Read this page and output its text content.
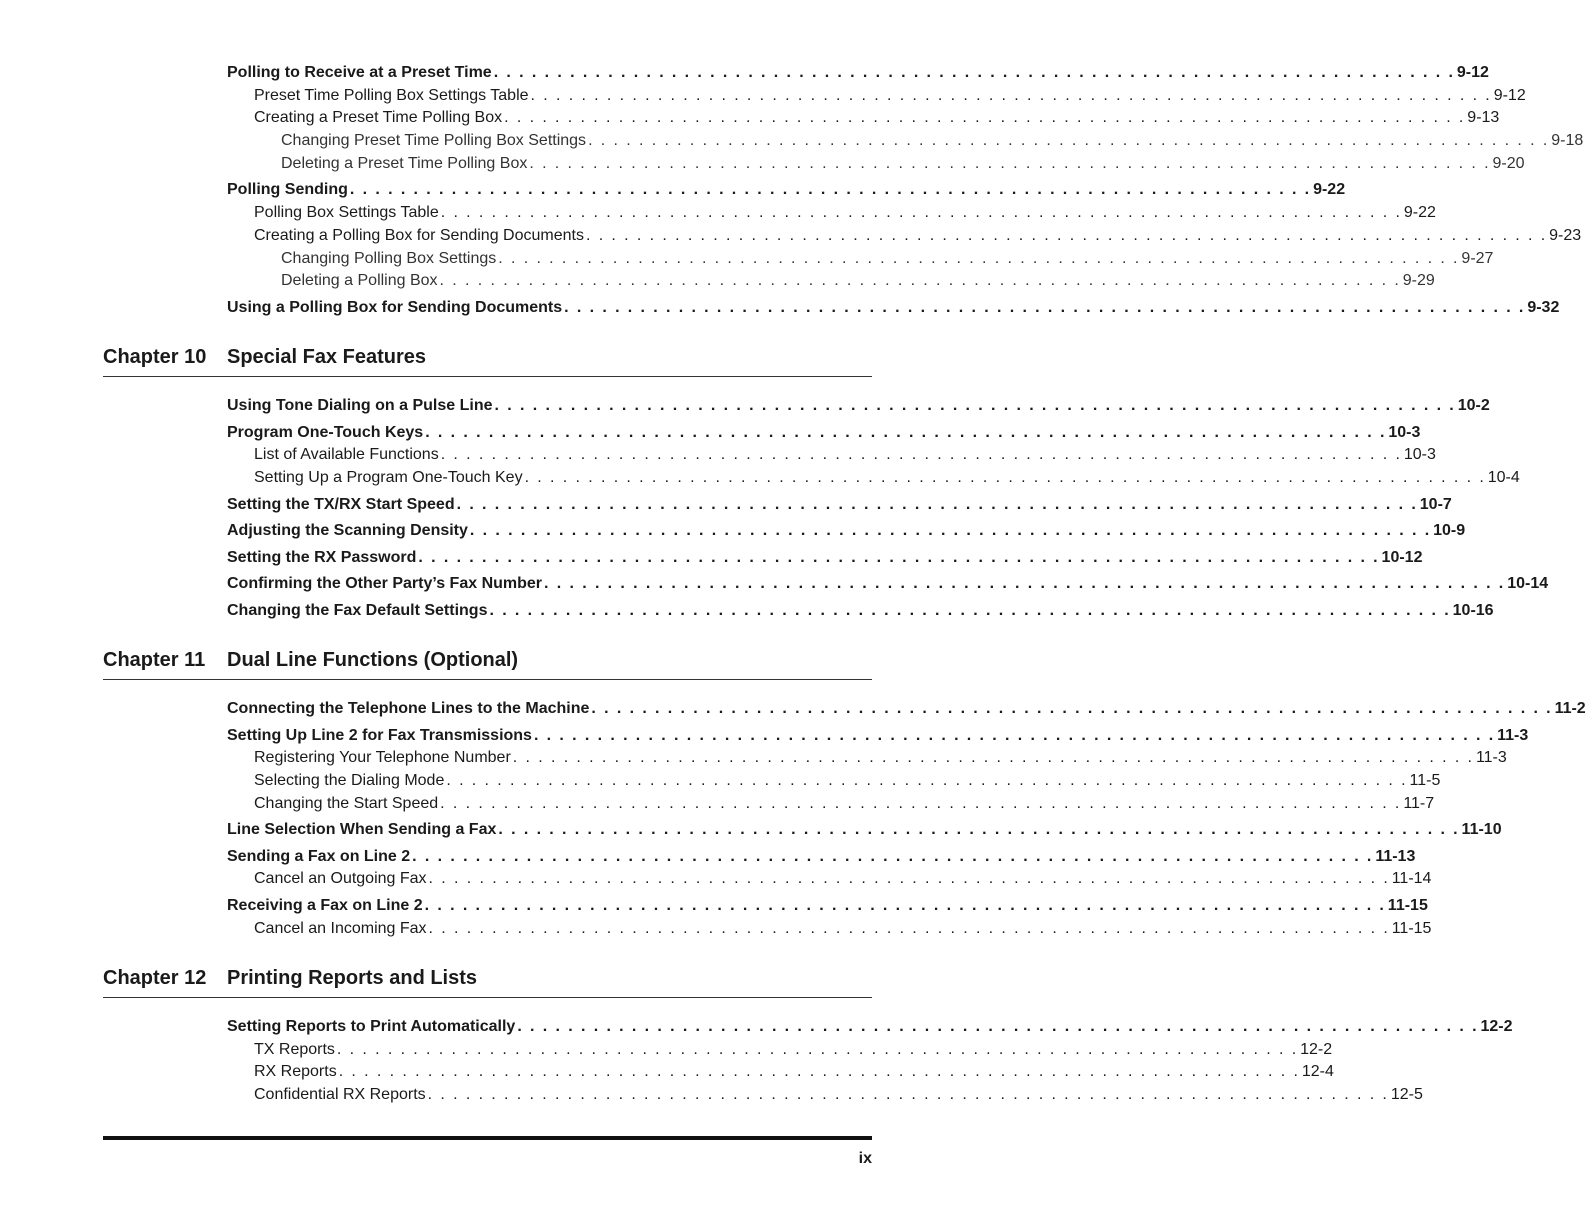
Polling to Receive at a Preset Time . . . . . . . . . . . . . . . . . . . . . . . . . . . . . . . . . . . . . . . . . . . . . . . . . . . . . . . . . . . . . . . . . . . . . . . . . . . . 9-12
Preset Time Polling Box Settings Table . . . . . . . . . . . . . . . . . . . . . . . . . . . . . . . . . . . . . . . . . . . . . . . . . . . . . . . . . . . . . . . . . . . . . . . . . . . . 9-12
Creating a Preset Time Polling Box . . . . . . . . . . . . . . . . . . . . . . . . . . . . . . . . . . . . . . . . . . . . . . . . . . . . . . . . . . . . . . . . . . . . . . . . . . . . 9-13
Changing Preset Time Polling Box Settings . . . . . . . . . . . . . . . . . . . . . . . . . . . . . . . . . . . . . . . . . . . . . . . . . . . . . . . . . . . . . . . . . . . . . . . . . . . . 9-18
Deleting a Preset Time Polling Box . . . . . . . . . . . . . . . . . . . . . . . . . . . . . . . . . . . . . . . . . . . . . . . . . . . . . . . . . . . . . . . . . . . . . . . . . . . . 9-20
Polling Sending . . . . . . . . . . . . . . . . . . . . . . . . . . . . . . . . . . . . . . . . . . . . . . . . . . . . . . . . . . . . . . . . . . . . . . . . . . . . 9-22
Polling Box Settings Table . . . . . . . . . . . . . . . . . . . . . . . . . . . . . . . . . . . . . . . . . . . . . . . . . . . . . . . . . . . . . . . . . . . . . . . . . . . . 9-22
Creating a Polling Box for Sending Documents . . . . . . . . . . . . . . . . . . . . . . . . . . . . . . . . . . . . . . . . . . . . . . . . . . . . . . . . . . . . . . . . . . . . . . . . . . . . 9-23
Changing Polling Box Settings . . . . . . . . . . . . . . . . . . . . . . . . . . . . . . . . . . . . . . . . . . . . . . . . . . . . . . . . . . . . . . . . . . . . . . . . . . . . 9-27
Deleting a Polling Box . . . . . . . . . . . . . . . . . . . . . . . . . . . . . . . . . . . . . . . . . . . . . . . . . . . . . . . . . . . . . . . . . . . . . . . . . . . . 9-29
Using a Polling Box for Sending Documents . . . . . . . . . . . . . . . . . . . . . . . . . . . . . . . . . . . . . . . . . . . . . . . . . . . . . . . . . . . . . . . . . . . . . . . . . . . . 9-32
Chapter 10 Special Fax Features
Using Tone Dialing on a Pulse Line . . . . . . . . . . . . . . . . . . . . . . . . . . . . . . . . . . . . . . . . . . . . . . . . . . . . . . . . . . . . . . . . . . . . . . . . . . . . 10-2
Program One-Touch Keys . . . . . . . . . . . . . . . . . . . . . . . . . . . . . . . . . . . . . . . . . . . . . . . . . . . . . . . . . . . . . . . . . . . . . . . . . . . . 10-3
List of Available Functions . . . . . . . . . . . . . . . . . . . . . . . . . . . . . . . . . . . . . . . . . . . . . . . . . . . . . . . . . . . . . . . . . . . . . . . . . . . . 10-3
Setting Up a Program One-Touch Key . . . . . . . . . . . . . . . . . . . . . . . . . . . . . . . . . . . . . . . . . . . . . . . . . . . . . . . . . . . . . . . . . . . . . . . . . . . . 10-4
Setting the TX/RX Start Speed . . . . . . . . . . . . . . . . . . . . . . . . . . . . . . . . . . . . . . . . . . . . . . . . . . . . . . . . . . . . . . . . . . . . . . . . . . . . 10-7
Adjusting the Scanning Density . . . . . . . . . . . . . . . . . . . . . . . . . . . . . . . . . . . . . . . . . . . . . . . . . . . . . . . . . . . . . . . . . . . . . . . . . . . . 10-9
Setting the RX Password . . . . . . . . . . . . . . . . . . . . . . . . . . . . . . . . . . . . . . . . . . . . . . . . . . . . . . . . . . . . . . . . . . . . . . . . . . . . 10-12
Confirming the Other Party’s Fax Number . . . . . . . . . . . . . . . . . . . . . . . . . . . . . . . . . . . . . . . . . . . . . . . . . . . . . . . . . . . . . . . . . . . . . . . . . . . . 10-14
Changing the Fax Default Settings . . . . . . . . . . . . . . . . . . . . . . . . . . . . . . . . . . . . . . . . . . . . . . . . . . . . . . . . . . . . . . . . . . . . . . . . . . . . 10-16
Chapter 11 Dual Line Functions (Optional)
Connecting the Telephone Lines to the Machine . . . . . . . . . . . . . . . . . . . . . . . . . . . . . . . . . . . . . . . . . . . . . . . . . . . . . . . . . . . . . . . . . . . . . . . . . . . . 11-2
Setting Up Line 2 for Fax Transmissions . . . . . . . . . . . . . . . . . . . . . . . . . . . . . . . . . . . . . . . . . . . . . . . . . . . . . . . . . . . . . . . . . . . . . . . . . . . . 11-3
Registering Your Telephone Number . . . . . . . . . . . . . . . . . . . . . . . . . . . . . . . . . . . . . . . . . . . . . . . . . . . . . . . . . . . . . . . . . . . . . . . . . . . . 11-3
Selecting the Dialing Mode . . . . . . . . . . . . . . . . . . . . . . . . . . . . . . . . . . . . . . . . . . . . . . . . . . . . . . . . . . . . . . . . . . . . . . . . . . . . 11-5
Changing the Start Speed . . . . . . . . . . . . . . . . . . . . . . . . . . . . . . . . . . . . . . . . . . . . . . . . . . . . . . . . . . . . . . . . . . . . . . . . . . . . 11-7
Line Selection When Sending a Fax . . . . . . . . . . . . . . . . . . . . . . . . . . . . . . . . . . . . . . . . . . . . . . . . . . . . . . . . . . . . . . . . . . . . . . . . . . . . 11-10
Sending a Fax on Line 2 . . . . . . . . . . . . . . . . . . . . . . . . . . . . . . . . . . . . . . . . . . . . . . . . . . . . . . . . . . . . . . . . . . . . . . . . . . . . 11-13
Cancel an Outgoing Fax . . . . . . . . . . . . . . . . . . . . . . . . . . . . . . . . . . . . . . . . . . . . . . . . . . . . . . . . . . . . . . . . . . . . . . . . . . . . 11-14
Receiving a Fax on Line 2 . . . . . . . . . . . . . . . . . . . . . . . . . . . . . . . . . . . . . . . . . . . . . . . . . . . . . . . . . . . . . . . . . . . . . . . . . . . . 11-15
Cancel an Incoming Fax . . . . . . . . . . . . . . . . . . . . . . . . . . . . . . . . . . . . . . . . . . . . . . . . . . . . . . . . . . . . . . . . . . . . . . . . . . . . 11-15
Chapter 12 Printing Reports and Lists
Setting Reports to Print Automatically . . . . . . . . . . . . . . . . . . . . . . . . . . . . . . . . . . . . . . . . . . . . . . . . . . . . . . . . . . . . . . . . . . . . . . . . . . . . 12-2
TX Reports . . . . . . . . . . . . . . . . . . . . . . . . . . . . . . . . . . . . . . . . . . . . . . . . . . . . . . . . . . . . . . . . . . . . . . . . . . . . 12-2
RX Reports . . . . . . . . . . . . . . . . . . . . . . . . . . . . . . . . . . . . . . . . . . . . . . . . . . . . . . . . . . . . . . . . . . . . . . . . . . . . 12-4
Confidential RX Reports . . . . . . . . . . . . . . . . . . . . . . . . . . . . . . . . . . . . . . . . . . . . . . . . . . . . . . . . . . . . . . . . . . . . . . . . . . . . 12-5
ix
